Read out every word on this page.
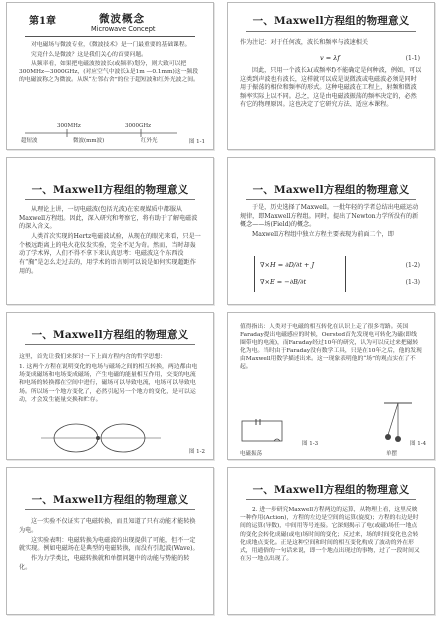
第1章	微波概念
Microwave Concept

对电磁场与微波专业，《微波技术》是一门最重要的基础课程。

究竟什么是微波？这是我们关心的首要问题。

从频率看，如果把电磁波按波长(或频率)划分，则大致可以把300MHz—3000GHz，(对应空气中波长λ是1m —0.1mm)这一频段的电磁波称之为微波。从纵“左邻右舍”的位于超短波和红外光波之间。

300MHz	3000GHz
超短波	微波(mm波)	红外光	图 1-1
一、Maxwell方程组的物理意义

作为注记：对于任何波，波长和频率与波速相关

v = λf	(1-1)

因此，只用一个波长λ(或频率f)不能确定是何种波，例如，可以这类到声波也有波长，这样就可以成是说微波或电磁波必须是同时用于振荡的相位和频率的形式。这种电磁波在工程上，射频和微波频率实际上以不同。总之，这是由电磁波振荡的频率决定的，必然有它的物理原因。这也决定了它研究方法、适应本课程。

一、Maxwell方程组的物理意义

从理论上讲，一切电磁波(包括光波)在宏观媒质中都服从Maxwell方程组。因此，深入研究和考察它，将有助于了解电磁波的深入含义。

人类首次实现的Hertz电磁波试验，从现在的眼光来看，只是一个极远距离上的电火花仪发实验，完全不足为奇。然而，当时却轰动了学术界，人们不得不拿下来认真思考：电磁波这个东西没有“胸”是怎么走过去的，用学术的语言则可以说是如何实现超距作用的。

一、Maxwell方程组的物理意义

于是，历史选择了Maxwell。一批年轻的学者总结出电磁运动规律，即Maxwell方程组。同时，提出了Newton力学所没有的新概念——场(Field)的概念。

Maxwell方程组中独立方程主要表现为前面二个，即

∇×H = ∂D/∂t + J
∇×E = −∂B/∂t
(1-2)
(1-3)
一、Maxwell方程组的物理意义

这里，首先让我们来探讨一下上面方程内含的哲学思想：

1. 这两个方程在说明变化的电场与磁场之间的相互转换，两边都由电场变成磁场和电场变成磁场，产生电磁的能量相互作用，交变的电流和电场的转换都在空间中进行，磁场可以导致电流，电场可以导致电场。所以场一个地方变化了，必然引起另一个地方的变化，是可以运动，才会发生能量交换和贮存。

图 1-2

值得指出：人类对于电磁的相互转化在认识上走了很多弯路。英国Faraday提出电磁感应的时候，Oersted首先发现电可转化为磁(即线圈带电的电流)，而Faraday经过10年的研究，认为可以反过来把磁转化为电。当时由于Faraday没有数学工具，只是在10年之后，他的发现由Maxwell用数学描述出来。这一现象表明他的“场”的观点实在了不起。

电磁振荡
图 1-3	图 1-4
单摆
一、Maxwell方程组的物理意义

这一实验不仅证实了电磁转换，而且知道了只有动能才能转换为电。

这实验表明：电磁转换为电磁波的出现提供了可能，但不一定就实现。例如电磁场在是典型的电磁转换，而没有引起波(Wave)。

作为力学类比，电磁转换就和单摆问题中的动能与势能的转化。

一、Maxwell方程组的物理意义

2. 进一步研究Maxwell方程两边的运算，从物理上看，这里反映一种作用(Action)，方程的左边是空间的运算(旋度)；方程的右边是时间的运算(导数)，中间用等号连接。它深刻揭示了电(或磁)场任一地点的变化会转化成磁(或电)场时间的变化；反过来，场的时间变化也会转化成地点变化。正是这种空间和时间的相互变化构成了波动的外在形式，用通俗的一句话来说，即一个地点出现过的事物，过了一段时间又在另一地点出现了。
